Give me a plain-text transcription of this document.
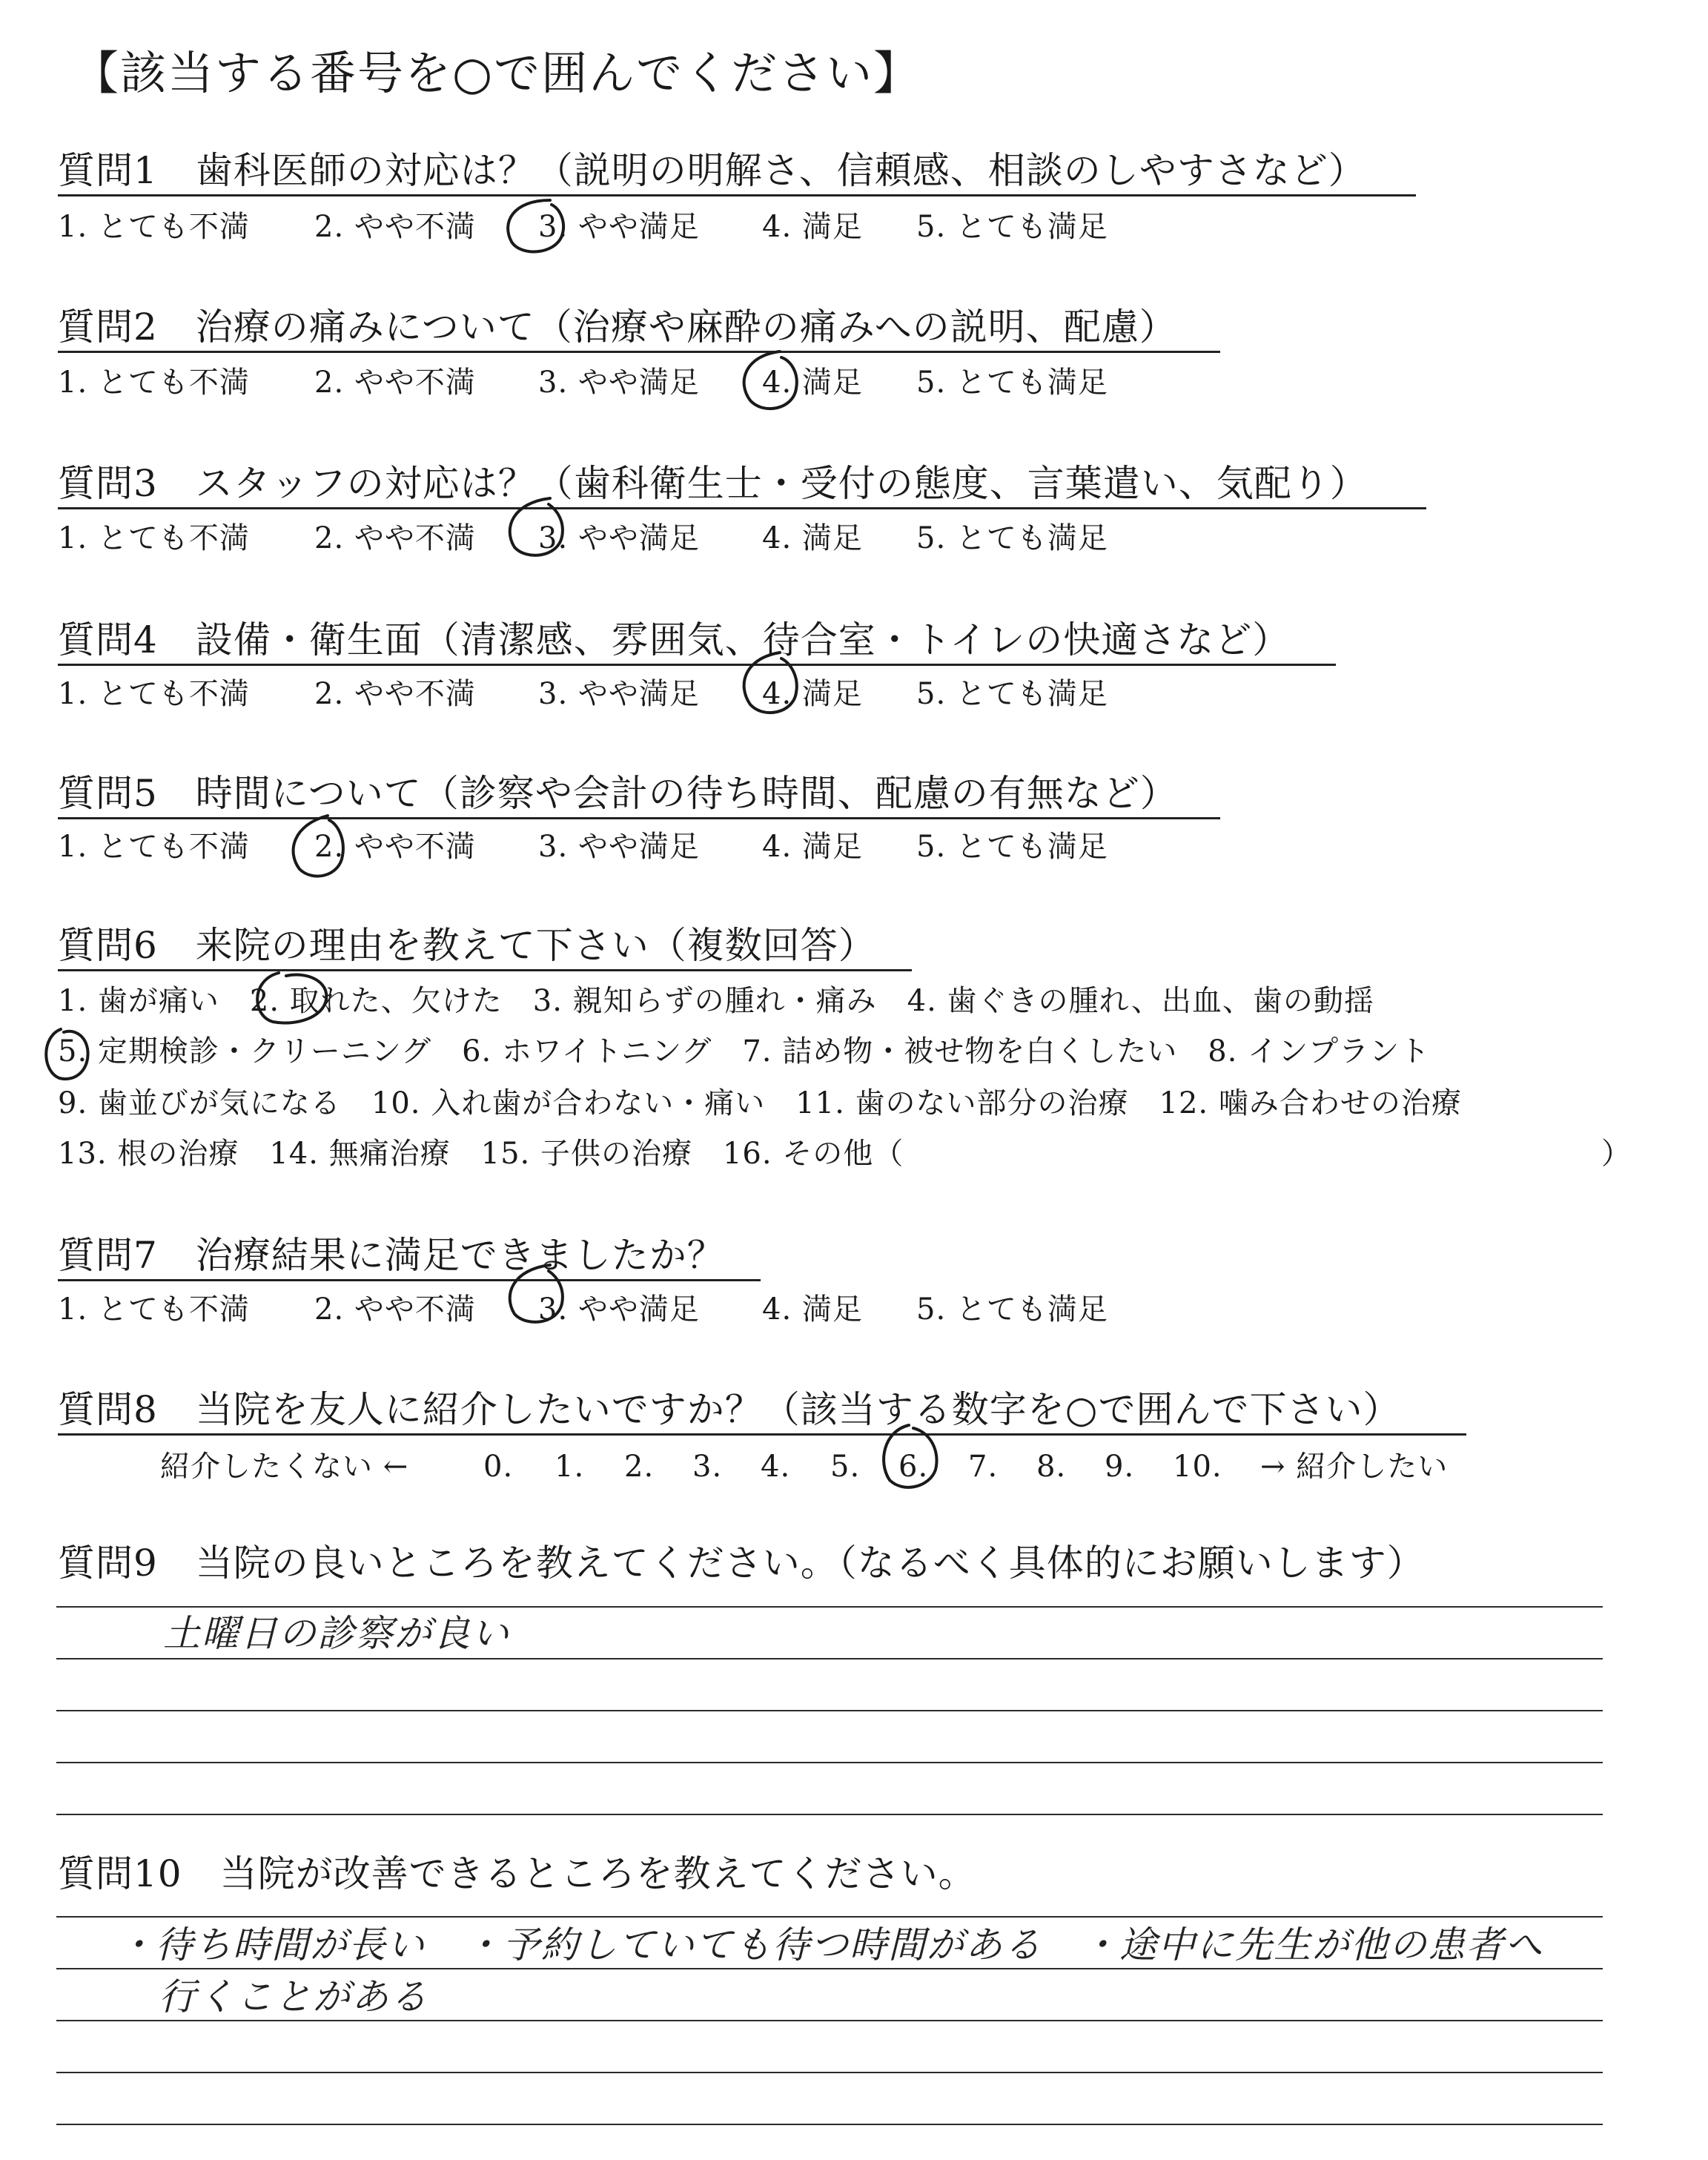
【該当する番号を○で囲んでください】
質問1　歯科医師の対応は？（説明の明解さ、信頼感、相談のしやすさなど）
1. とても不満 2. やや不満 3. やや満足 4. 満足 5. とても満足
質問2　治療の痛みについて（治療や麻酔の痛みへの説明、配慮）
1. とても不満 2. やや不満 3. やや満足 4. 満足 5. とても満足
質問3　スタッフの対応は？（歯科衛生士・受付の態度、言葉遣い、気配り）
1. とても不満 2. やや不満 3. やや満足 4. 満足 5. とても満足
質問4　設備・衛生面（清潔感、雰囲気、待合室・トイレの快適さなど）
1. とても不満 2. やや不満 3. やや満足 4. 満足 5. とても満足
質問5　時間について（診察や会計の待ち時間、配慮の有無など）
1. とても不満 2. やや不満 3. やや満足 4. 満足 5. とても満足
質問6　来院の理由を教えて下さい（複数回答）
1. 歯が痛い　2. 取れた、欠けた　3. 親知らずの腫れ・痛み　4. 歯ぐきの腫れ、出血、歯の動揺
5. 定期検診・クリーニング　6. ホワイトニング　7. 詰め物・被せ物を白くしたい　8. インプラント
9. 歯並びが気になる　10. 入れ歯が合わない・痛い　11. 歯のない部分の治療　12. 噛み合わせの治療
13. 根の治療　14. 無痛治療　15. 子供の治療　16. その他（	）
質問7　治療結果に満足できましたか？
1. とても不満 2. やや不満 3. やや満足 4. 満足 5. とても満足
質問8　当院を友人に紹介したいですか？（該当する数字を○で囲んで下さい）
紹介したくない ←	0. 1. 2. 3. 4. 5. 6. 7. 8. 9. 10. → 紹介したい
質問9　当院の良いところを教えてください。（なるべく具体的にお願いします）
土曜日の診察が良い
質問10　当院が改善できるところを教えてください。
・待ち時間が長い　・予約していても待つ時間がある　・途中に先生が他の患者へ
行くことがある
